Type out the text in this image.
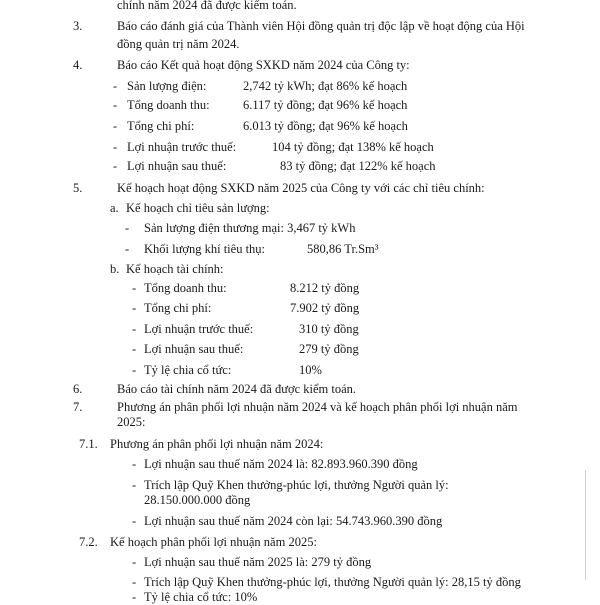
chính năm 2024 đã được kiểm toán.
3.	Báo cáo đánh giá của Thành viên Hội đồng quản trị độc lập về hoạt động của Hội
đồng quản trị năm 2024.
4.	Báo cáo Kết quả hoạt động SXKD năm 2024 của Công ty:
- Sản lượng điện:	2,742 tỷ kWh; đạt 86% kế hoạch
- Tổng doanh thu:	6.117 tỷ đồng; đạt 96% kế hoạch
- Tổng chi phí:	6.013 tỷ đồng; đạt 96% kế hoạch
- Lợi nhuận trước thuế:	104 tỷ đồng; đạt 138% kế hoạch
- Lợi nhuận sau thuế:	83 tỷ đồng; đạt 122% kế hoạch
5.	Kế hoạch hoạt động SXKD năm 2025 của Công ty với các chỉ tiêu chính:
a. Kế hoạch chỉ tiêu sản lượng:
- Sản lượng điện thương mại: 3,467 tỷ kWh
- Khối lượng khí tiêu thụ:	580,86 Tr.Sm³
b. Kế hoạch tài chính:
- Tổng doanh thu:	8.212 tỷ đồng
- Tổng chi phí:	7.902 tỷ đồng
- Lợi nhuận trước thuế:	310 tỷ đồng
- Lợi nhuận sau thuế:	279 tỷ đồng
- Tỷ lệ chia cổ tức:	10%
6.	Báo cáo tài chính năm 2024 đã được kiểm toán.
7.	Phương án phân phối lợi nhuận năm 2024 và kế hoạch phân phối lợi nhuận năm
2025:
7.1. Phương án phân phối lợi nhuận năm 2024:
- Lợi nhuận sau thuế năm 2024 là: 82.893.960.390 đồng
- Trích lập Quỹ Khen thưởng-phúc lợi, thưởng Người quản lý:
28.150.000.000 đồng
- Lợi nhuận sau thuế năm 2024 còn lại: 54.743.960.390 đồng
7.2. Kế hoạch phân phối lợi nhuận năm 2025:
- Lợi nhuận sau thuế năm 2025 là: 279 tỷ đồng
- Trích lập Quỹ Khen thưởng-phúc lợi, thưởng Người quản lý: 28,15 tỷ đồng
- Tỷ lệ chia cổ tức: 10%
